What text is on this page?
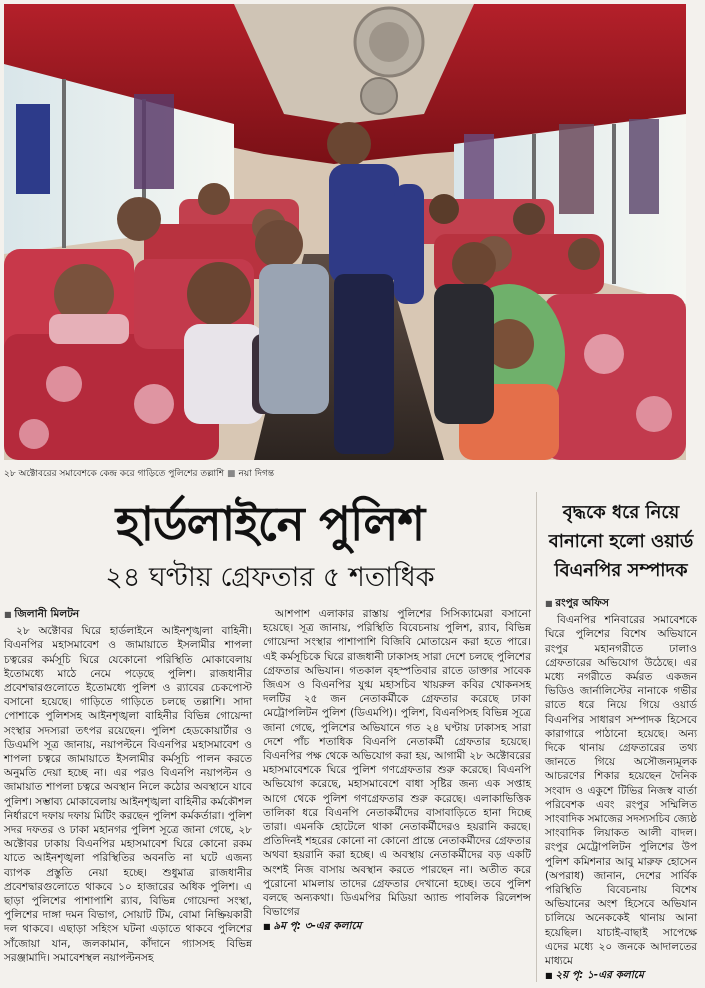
২৮ অক্টোবরের সমাবেশকে কেন্দ্র করে গাড়িতে পুলিশের তল্লাশি ■ নয়া দিগন্ত
হার্ডলাইনে পুলিশ
২৪ ঘণ্টায় গ্রেফতার ৫ শতাধিক
■ জিলানী মিলটন

২৮ অক্টোবর ঘিরে হার্ডলাইনে আইনশৃঙ্খলা বাহিনী। বিএনপির মহাসমাবেশ ও জামায়াতে ইসলামীর শাপলা চত্বরের কর্মসূচি ঘিরে যেকোনো পরিস্থিতি মোকাবেলায় ইতোমধ্যে মাঠে নেমে পড়েছে পুলিশ। রাজধানীর প্রবেশদ্বারগুলোতে ইতোমধ্যে পুলিশ ও র‌্যাবের চেকপোস্ট বসানো হয়েছে। গাড়িতে গাড়িতে চলছে তল্লাশি। সাদা পোশাকে পুলিশসহ আইনশৃঙ্খলা বাহিনীর বিভিন্ন গোয়েন্দা সংস্থার সদস্যরা তৎপর রয়েছেন। পুলিশ হেডকোয়ার্টার ও ডিএমপি সূত্র জানায়, নয়াপল্টনে বিএনপির মহাসমাবেশ ও শাপলা চত্বরে জামায়াতে ইসলামীর কর্মসূচি পালন করতে অনুমতি দেয়া হচ্ছে না। এর পরও বিএনপি নয়াপল্টন ও জামায়াত শাপলা চত্বরে অবস্থান নিলে কঠোর অবস্থানে যাবে পুলিশ। সম্ভাব্য মোকাবেলায় আইনশৃঙ্খলা বাহিনীর কর্মকৌশল নির্ধারণে দফায় দফায় মিটিং করছেন পুলিশ কর্মকর্তারা। পুলিশ সদর দফতর ও ঢাকা মহানগর পুলিশ সূত্রে জানা গেছে, ২৮ অক্টোবর ঢাকায় বিএনপির মহাসমাবেশ ঘিরে কোনো রকম যাতে আইনশৃঙ্খলা পরিস্থিতির অবনতি না ঘটে এজন্য ব্যাপক প্রস্তুতি নেয়া হচ্ছে। শুধুমাত্র রাজধানীর প্রবেশদ্বারগুলোতে থাকবে ১০ হাজারের অধিক পুলিশ। এ ছাড়া পুলিশের পাশাপাশি র‌্যাব, বিভিন্ন গোয়েন্দা সংস্থা, পুলিশের দাঙ্গা দমন বিভাগ, সোয়াট টিম, বোমা নিষ্ক্রিয়কারী দল থাকবে। এছাড়া সহিংস ঘটনা এড়াতে থাকবে পুলিশের সাঁজোয়া যান, জলকামান, কাঁদানে গ্যাসসহ বিভিন্ন সরঞ্জামাদি। সমাবেশস্থল নয়াপল্টনসহ

আশপাশ এলাকার রাস্তায় পুলিশের সিসিক্যামেরা বসানো হয়েছে। সূত্র জানায়, পরিস্থিতি বিবেচনায় পুলিশ, র‌্যাব, বিভিন্ন গোয়েন্দা সংস্থার পাশাপাশি বিজিবি মোতায়েন করা হতে পারে। এই কর্মসূচিকে ঘিরে রাজধানী ঢাকাসহ সারা দেশে চলছে পুলিশের গ্রেফতার অভিযান। গতকাল বৃহস্পতিবার রাতে ডাক্তার সাবেক জিএস ও বিএনপির যুগ্ম মহাসচিব খায়রুল কবির খোকনসহ দলটির ২৫ জন নেতাকর্মীকে গ্রেফতার করেছে ঢাকা মেট্রোপলিটন পুলিশ (ডিএমপি)। পুলিশ, বিএনপিসহ বিভিন্ন সূত্রে জানা গেছে, পুলিশের অভিযানে গত ২৪ ঘণ্টায় ঢাকাসহ সারা দেশে পাঁচ শতাধিক বিএনপি নেতাকর্মী গ্রেফতার হয়েছে। বিএনপির পক্ষ থেকে অভিযোগ করা হয়, আগামী ২৮ অক্টোবরের মহাসমাবেশকে ঘিরে পুলিশ গণগ্রেফতার শুরু করেছে। বিএনপি অভিযোগ করেছে, মহাসমাবেশে বাধা সৃষ্টির জন্য এক সপ্তাহ আগে থেকে পুলিশ গণগ্রেফতার শুরু করেছে। এলাকাভিত্তিক তালিকা ধরে বিএনপি নেতাকর্মীদের বাসাবাড়িতে হানা দিচ্ছে তারা। এমনকি হোটেলে থাকা নেতাকর্মীদেরও হয়রানি করছে। প্রতিদিনই শহরের কোনো না কোনো প্রান্তে নেতাকর্মীদের গ্রেফতার অথবা হয়রানি করা হচ্ছে। এ অবস্থায় নেতাকর্মীদের বড় একটি অংশই নিজ বাসায় অবস্থান করতে পারছেন না। অতীত করে পুরোনো মামলায় তাদের গ্রেফতার দেখানো হচ্ছে। তবে পুলিশ বলছে অন্যকথা। ডিএমপির মিডিয়া অ্যান্ড পাবলিক রিলেশন্স বিভাগের

■ ৯ম পৃ: ৩-এর কলামে
বৃদ্ধকে ধরে নিয়ে বানানো হলো ওয়ার্ড বিএনপির সম্পাদক
■ রংপুর অফিস

বিএনপির শনিবারের সমাবেশকে ঘিরে পুলিশের বিশেষ অভিযানে রংপুর মহানগরীতে ঢালাও গ্রেফতারের অভিযোগ উঠেছে। এর মধ্যে নগরীতে কর্মরত একজন ভিডিও জার্নালিস্টের নানাকে গভীর রাতে ধরে নিয়ে গিয়ে ওয়ার্ড বিএনপির সাধারণ সম্পাদক হিসেবে কারাগারে পাঠানো হয়েছে। অন্য দিকে থানায় গ্রেফতারের তথ্য জানতে গিয়ে অসৌজন্যমূলক আচরণের শিকার হয়েছেন দৈনিক সংবাদ ও একুশে টিভির নিজস্ব বার্তা পরিবেশক এবং রংপুর সম্মিলিত সাংবাদিক সমাজের সদস্যসচিব জ্যেষ্ঠ সাংবাদিক লিয়াকত আলী বাদল। রংপুর মেট্রোপলিটন পুলিশের উপ পুলিশ কমিশনার আবু মারুফ হোসেন (অপরাধ) জানান, দেশের সার্বিক পরিস্থিতি বিবেচনায় বিশেষ অভিযানের অংশ হিসেবে অভিযান চালিয়ে অনেককেই থানায় আনা হয়েছিল। যাচাই-বাছাই সাপেক্ষে এদের মধ্যে ২০ জনকে আদালতের মাধ্যমে

■ ২য় পৃ: ১-এর কলামে
